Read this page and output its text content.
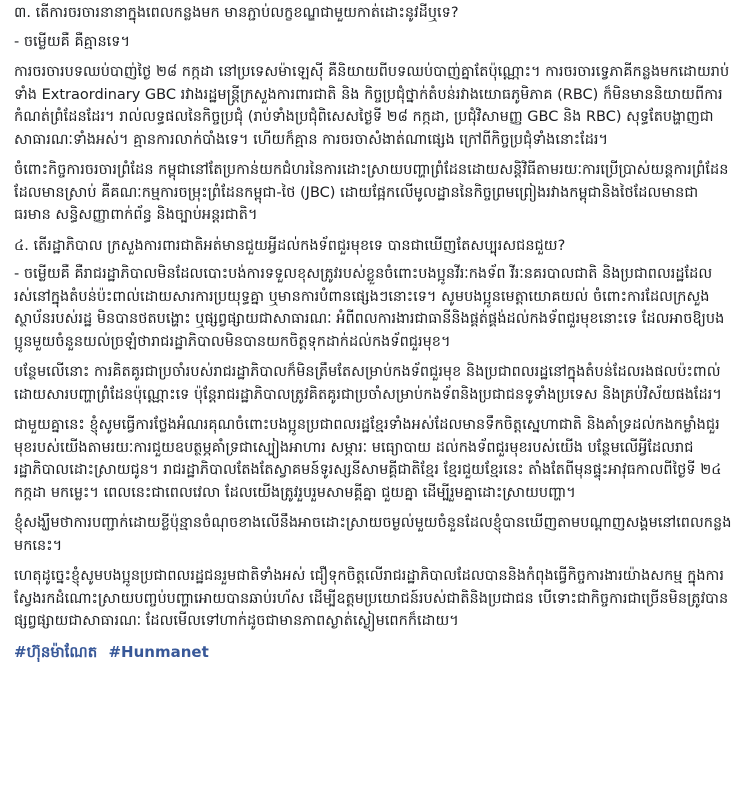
៣. តើការចរចារនានាក្នុងពេលកន្លងមក មានភ្ជាប់លក្ខខណ្ឌជាមួយកាត់ដោះនូវដីឬទេ?

- ចម្លើយគឺ គឺគ្មានទេ។

ការចរចារបទឈប់បាញ់ថ្ងៃ ២៨ កក្កដា នៅប្រទេសម៉ាឡេស៊ី គឺនិយាយពីបទឈប់បាញ់គ្នាតែប៉ុណ្ណោះ។ ការចរចារទ្វេភាគីកន្លងមកដោយរាប់ទាំង Extraordinary GBC រវាងរដ្ឋមន្ត្រីក្រសួងការពារជាតិ និង កិច្ចប្រជុំថ្នាក់តំបន់រវាងយោធភូមិភាគ (RBC) ក៏មិនមាននិយាយពីការកំណត់ព្រំដែនដែរ។ រាល់លទ្ធផលនៃកិច្ចប្រជុំ (រាប់ទាំងប្រជុំពិសេសថ្ងៃទី ២៨ កក្កដា, ប្រជុំវិសាមញ្ញ GBC និង RBC) សុទ្ធតែបង្ហាញជាសាធារណៈទាំងអស់។ គ្មានការលាក់បាំងទេ។ ហើយក៏គ្មាន ការចរចាសំងាត់ណាផ្សេង ក្រៅពីកិច្ចប្រជុំទាំងនោះដែរ។

ចំពោះកិច្ចការចរចារព្រំដែន កម្ពុជានៅតែប្រកាន់យកជំហរនៃការដោះស្រាយបញ្ហាព្រំដែនដោយសន្តិវិធីតាមរយៈការប្រើប្រាស់យន្តការព្រំដែនដែលមានស្រាប់ គឺគណៈកម្មការចម្រុះព្រំដែនកម្ពុជា-ថៃ (JBC) ដោយផ្អែកលើមូលដ្ឋាននៃកិច្ចព្រមព្រៀងរវាងកម្ពុជានិងថៃដែលមានជាធរមាន សន្ធិសញ្ញាពាក់ព័ន្ធ និងច្បាប់អន្តរជាតិ។

៤. តើរដ្ឋាភិបាល ក្រសួងការពារជាតិអត់មានជួយអ្វីដល់កងទ័ពជួរមុខទេ បានជាឃើញតែសប្បុរសជនជួយ?

- ចម្លើយគឺ គឺរាជរដ្ឋាភិបាលមិនដែលបោះបង់ការទទួលខុសត្រូវរបស់ខ្លួនចំពោះបងប្អូនវីរៈកងទ័ព វីរៈនគរបាលជាតិ និងប្រជាពលរដ្ឋដែលរស់នៅក្នុងតំបន់ប៉ះពាល់ដោយសារការប្រយុទ្ធគ្នា ឬមានការបំពានផ្សេងៗនោះទេ។ សូមបងប្អូនមេត្តាយោគយល់ ចំពោះការដែលក្រសួង ស្ថាប័នរបស់រដ្ឋ មិនបានថតបង្ហោះ ឬផ្សព្វផ្សាយជាសាធារណៈ អំពីពលការងារជាធានីនិងផ្គត់ផ្គង់ដល់កងទ័ពជួរមុខនោះទេ ដែលអាចឱ្យបងប្អូនមួយចំនួនយល់ច្រឡំថារាជរដ្ឋាភិបាលមិនបានយកចិត្តទុកដាក់ដល់កងទ័ពជួរមុខ។

បន្ថែមលើនោះ ការគិតគូរជាប្រចាំរបស់រាជរដ្ឋាភិបាលក៏មិនត្រឹមតែសម្រាប់កងទ័ពជួរមុខ និងប្រជាពលរដ្ឋនៅក្នុងតំបន់ដែលរងផលប៉ះពាល់ដោយសារបញ្ហាព្រំដែនប៉ុណ្ណោះទេ ប៉ុន្តែរាជរដ្ឋាភិបាលត្រូវគិតគូរជាប្រចាំសម្រាប់កងទ័ពនិងប្រជាជនទូទាំងប្រទេស និងគ្រប់វិស័យផងដែរ។

ជាមួយគ្នានេះ ខ្ញុំសូមធ្វើការថ្លែងអំណរគុណចំពោះបងប្អូនប្រជាពលរដ្ឋខ្មែរទាំងអស់ដែលមានទឹកចិត្តស្នេហាជាតិ និងគាំទ្រដល់កងកម្លាំងជួរមុខរបស់យើងតាមរយៈការជួយឧបត្ថម្ភគាំទ្រជាស្បៀងអាហារ សម្ភារៈ មធ្យោបាយ ដល់កងទ័ពជួរមុខរបស់យើង បន្ថែមលើអ្វីដែលរាជរដ្ឋាភិបាលដោះស្រាយជូន។ រាជរដ្ឋាភិបាលតែងតែស្វាគមន៍ទូរស្សនីសាមគ្គីជាតិខ្មែរ ខ្មែរជួយខ្មែរនេះ តាំងតែពីមុនផ្ទុះអាវុធកាលពីថ្ងៃទី ២៤ កក្កដា មកម្លេះ។ ពេលនេះជាពេលវេលា ដែលយើងត្រូវរួបរួមសាមគ្គីគ្នា ជួយគ្នា ដើម្បីរួមគ្នាដោះស្រាយបញ្ហា។

ខ្ញុំសង្ឃឹមថាការបញ្ជាក់ដោយខ្លីប៉ុន្មានចំណុចខាងលើនឹងអាចដោះស្រាយចម្ងល់មួយចំនួនដែលខ្ញុំបានឃើញតាមបណ្ដាញសង្គមនៅពេលកន្លងមកនេះ។

ហេតុដូច្នេះខ្ញុំសូមបងប្អូនប្រជាពលរដ្ឋជនរួមជាតិទាំងអស់ ជឿទុកចិត្តលើរាជរដ្ឋាភិបាលដែលបាននិងកំពុងធ្វើកិច្ចការងារយ៉ាងសកម្ម ក្នុងការស្វែងរកដំណោះស្រាយបញ្ចប់បញ្ហាអោយបានឆាប់រហ័ស ដើម្បីឧត្តមប្រយោជន៍របស់ជាតិនិងប្រជាជន បើទោះជាកិច្ចការជាច្រើនមិនត្រូវបានផ្សព្វផ្សាយជាសាធារណៈ ដែលមើលទៅហាក់ដូចជាមានភាពស្ងាត់ស្ងៀមពេកក៏ដោយ។

#ហ៊ុនម៉ាណែត #Hunmanet
